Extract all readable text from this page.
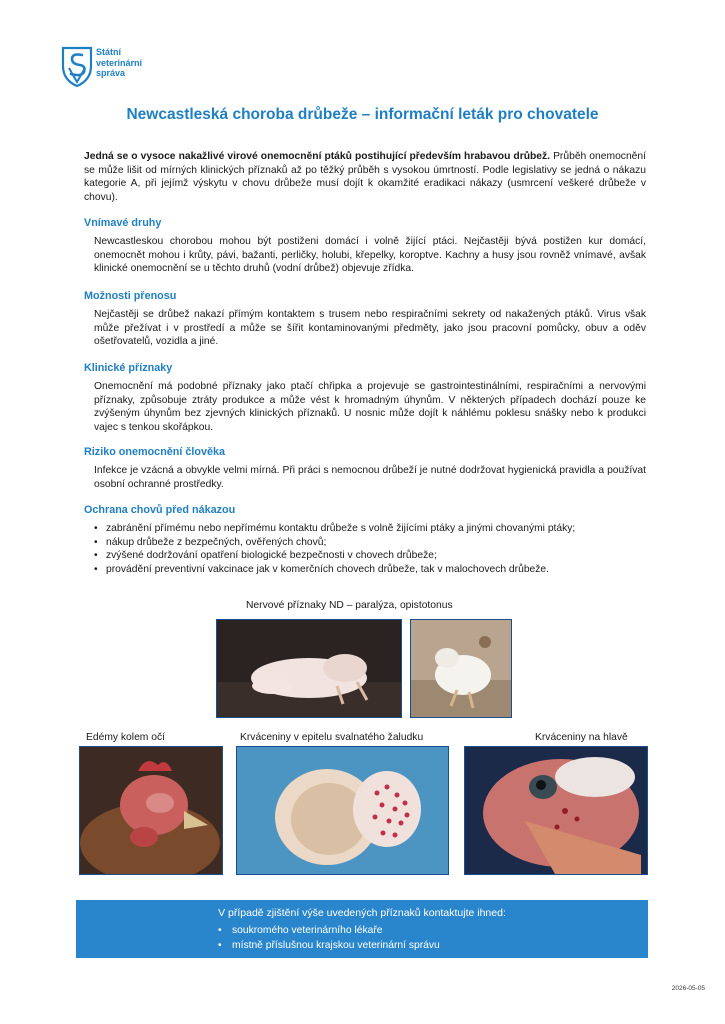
Státní
veterinární
správa
Newcastleská choroba drůbeže – informační leták pro chovatele
Jedná se o vysoce nakažlivé virové onemocnění ptáků postihující především hrabavou drůbež. Průběh onemocnění se může lišit od mírných klinických příznaků až po těžký průběh s vysokou úmrtností. Podle legislativy se jedná o nákazu kategorie A, při jejímž výskytu v chovu drůbeže musí dojít k okamžité eradikaci nákazy (usmrcení veškeré drůbeže v chovu).
Vnímavé druhy
Newcastleskou chorobou mohou být postiženi domácí i volně žijící ptáci. Nejčastěji bývá postižen kur domácí, onemocnět mohou i krůty, pávi, bažanti, perličky, holubi, křepelky, koroptve. Kachny a husy jsou rovněž vnímavé, avšak klinické onemocnění se u těchto druhů (vodní drůbež) objevuje zřídka.
Možnosti přenosu
Nejčastěji se drůbež nakazí přímým kontaktem s trusem nebo respiračními sekrety od nakažených ptáků. Virus však může přežívat i v prostředí a může se šířit kontaminovanými předměty, jako jsou pracovní pomůcky, obuv a oděv ošetřovatelů, vozidla a jiné.
Klinické příznaky
Onemocnění má podobné příznaky jako ptačí chřipka a projevuje se gastrointestinálními, respiračními a nervovými příznaky, způsobuje ztráty produkce a může vést k hromadným úhynům. V některých případech dochází pouze ke zvýšeným úhynům bez zjevných klinických příznaků. U nosnic může dojít k náhlému poklesu snášky nebo k produkci vajec s tenkou skořápkou.
Riziko onemocnění člověka
Infekce je vzácná a obvykle velmi mírná. Při práci s nemocnou drůbeží je nutné dodržovat hygienická pravidla a používat osobní ochranné prostředky.
Ochrana chovů před nákazou
• zabránění přímému nebo nepřímému kontaktu drůbeže s volně žijícími ptáky a jinými chovanými ptáky;
• nákup drůbeže z bezpečných, ověřených chovů;
• zvýšené dodržování opatření biologické bezpečnosti v chovech drůbeže;
• provádění preventivní vakcinace jak v komerčních chovech drůbeže, tak v malochovech drůbeže.
Nervové příznaky ND – paralýza, opistotonus
Edémy kolem očí	Krváceniny v epitelu svalnatého žaludku	Krváceniny na hlavě
V případě zjištění výše uvedených příznaků kontaktujte ihned:
• soukromého veterinárního lékaře
• místně příslušnou krajskou veterinární správu
2026-05-05
